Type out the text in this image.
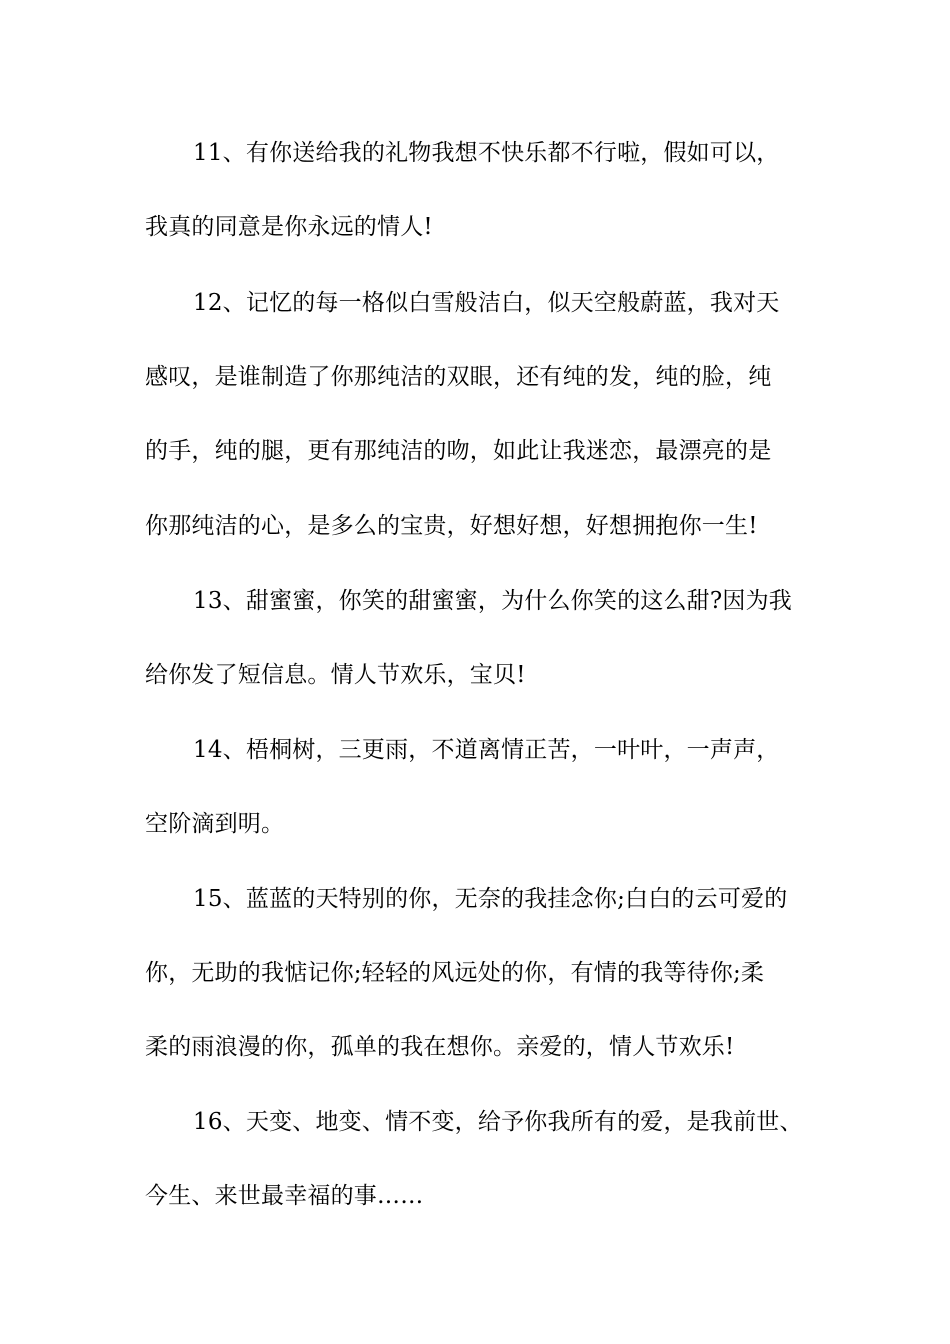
11、有你送给我的礼物我想不快乐都不行啦，假如可以，
我真的同意是你永远的情人!
12、记忆的每一格似白雪般洁白，似天空般蔚蓝，我对天
感叹，是谁制造了你那纯洁的双眼，还有纯的发，纯的脸，纯
的手，纯的腿，更有那纯洁的吻，如此让我迷恋，最漂亮的是
你那纯洁的心，是多么的宝贵，好想好想，好想拥抱你一生!
13、甜蜜蜜，你笑的甜蜜蜜，为什么你笑的这么甜?因为我
给你发了短信息。情人节欢乐，宝贝!
14、梧桐树，三更雨，不道离情正苦，一叶叶，一声声，
空阶滴到明。
15、蓝蓝的天特别的你，无奈的我挂念你;白白的云可爱的
你，无助的我惦记你;轻轻的风远处的你，有情的我等待你;柔
柔的雨浪漫的你，孤单的我在想你。亲爱的，情人节欢乐!
16、天变、地变、情不变，给予你我所有的爱，是我前世、
今生、来世最幸福的事……
